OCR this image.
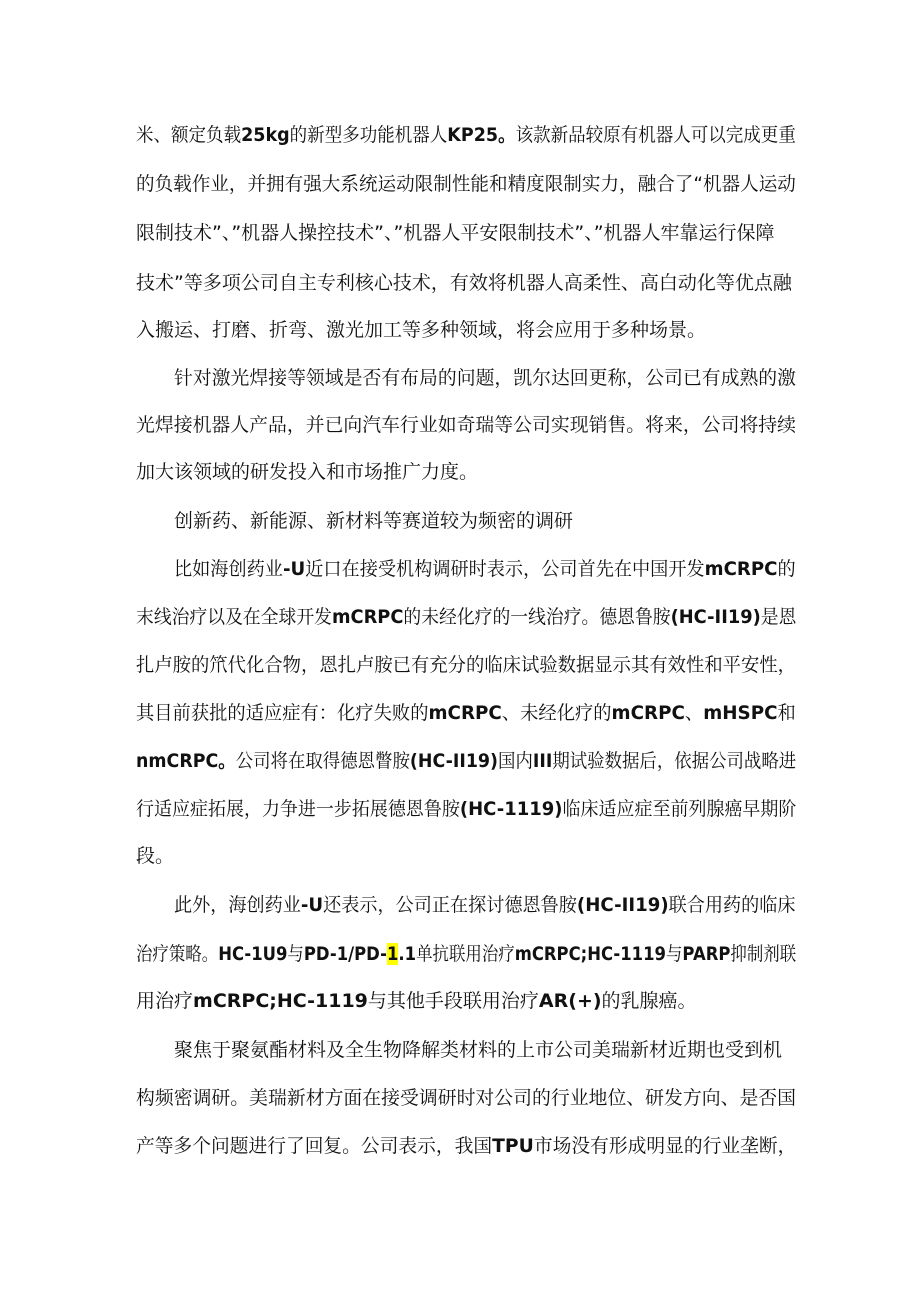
米、额定负载25kg的新型多功能机器人KP25。该款新品较原有机器人可以完成更重
的负载作业，并拥有强大系统运动限制性能和精度限制实力，融合了“机器人运动
限制技术”、”机器人操控技术”、”机器人平安限制技术”、”机器人牢靠运行保障
技术”等多项公司自主专利核心技术，有效将机器人高柔性、高白动化等优点融
入搬运、打磨、折弯、激光加工等多种领域，将会应用于多种场景。
针对激光焊接等领域是否有布局的问题，凯尔达回更称，公司已有成熟的激
光焊接机器人产品，并已向汽车行业如奇瑞等公司实现销售。将来，公司将持续
加大该领域的研发投入和市场推广力度。
创新药、新能源、新材料等赛道较为频密的调研
比如海创药业-U近口在接受机构调研时表示，公司首先在中国开发mCRPC的
末线治疗以及在全球开发mCRPC的未经化疗的一线治疗。德恩鲁胺(HC-II19)是恩
扎卢胺的笊代化合物，恩扎卢胺已有充分的临床试验数据显示其有效性和平安性，
其目前获批的适应症有：化疗失败的mCRPC、未经化疗的mCRPC、mHSPC和
nmCRPC。公司将在取得德恩瞥胺(HC-II19)国内III期试验数据后，依据公司战略进
行适应症拓展，力争进一步拓展德恩鲁胺(HC-1119)临床适应症至前列腺癌早期阶
段。
此外，海创药业-U还表示，公司正在探讨德恩鲁胺(HC-II19)联合用药的临床
治疗策略。HC-1U9与PD-1/PD-1.1单抗联用治疗mCRPC;HC-1119与PARP抑制剂联
用治疗mCRPC;HC-1119与其他手段联用治疗AR(+)的乳腺癌。
聚焦于聚氨酯材料及全生物降解类材料的上市公司美瑞新材近期也受到机
构频密调研。美瑞新材方面在接受调研时对公司的行业地位、研发方向、是否国
产等多个问题进行了回复。公司表示，我国TPU市场没有形成明显的行业垄断，
